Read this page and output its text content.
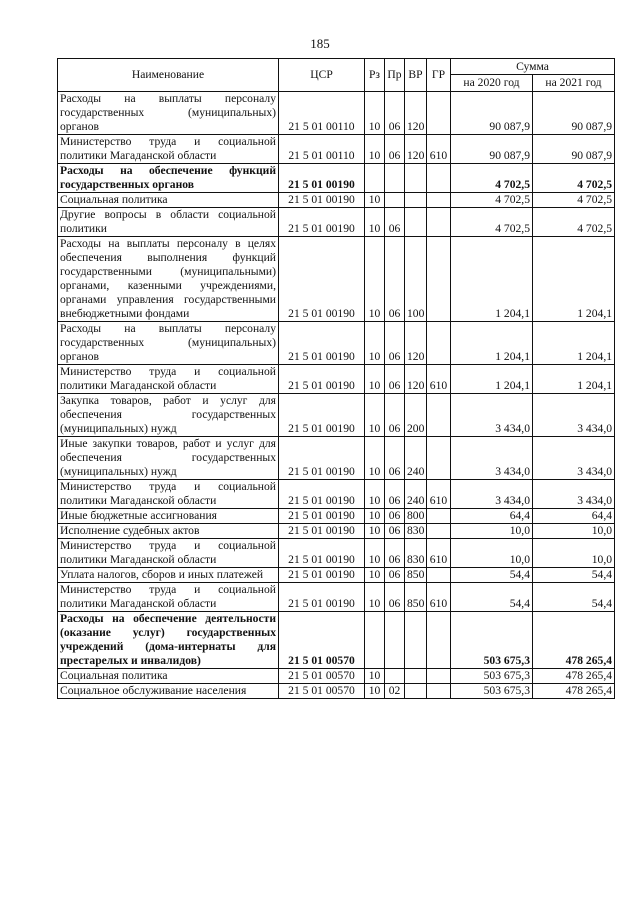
185
Наименование	ЦСР	Рз	Пр	ВР	ГР	Сумма	
						на 2020 год	на 2021 год
Расходы на выплаты персоналу государственных (муниципальных) органов	21 5 01 00110	10	06	120		90 087,9	90 087,9
Министерство труда и социальной политики Магаданской области	21 5 01 00110	10	06	120	610	90 087,9	90 087,9
Расходы на обеспечение функций государственных органов	21 5 01 00190					4 702,5	4 702,5
Социальная политика	21 5 01 00190	10				4 702,5	4 702,5
Другие вопросы в области социальной политики	21 5 01 00190	10	06			4 702,5	4 702,5
Расходы на выплаты персоналу в целях обеспечения выполнения функций государственными (муниципальными) органами, казенными учреждениями, органами управления государственными внебюджетными фондами	21 5 01 00190	10	06	100		1 204,1	1 204,1
Расходы на выплаты персоналу государственных (муниципальных) органов	21 5 01 00190	10	06	120		1 204,1	1 204,1
Министерство труда и социальной политики Магаданской области	21 5 01 00190	10	06	120	610	1 204,1	1 204,1
Закупка товаров, работ и услуг для обеспечения государственных (муниципальных) нужд	21 5 01 00190	10	06	200		3 434,0	3 434,0
Иные закупки товаров, работ и услуг для обеспечения государственных (муниципальных) нужд	21 5 01 00190	10	06	240		3 434,0	3 434,0
Министерство труда и социальной политики Магаданской области	21 5 01 00190	10	06	240	610	3 434,0	3 434,0
Иные бюджетные ассигнования	21 5 01 00190	10	06	800		64,4	64,4
Исполнение судебных актов	21 5 01 00190	10	06	830		10,0	10,0
Министерство труда и социальной политики Магаданской области	21 5 01 00190	10	06	830	610	10,0	10,0
Уплата налогов, сборов и иных платежей	21 5 01 00190	10	06	850		54,4	54,4
Министерство труда и социальной политики Магаданской области	21 5 01 00190	10	06	850	610	54,4	54,4
Расходы на обеспечение деятельности (оказание услуг) государственных учреждений (дома-интернаты для престарелых и инвалидов)	21 5 01 00570					503 675,3	478 265,4
Социальная политика	21 5 01 00570	10				503 675,3	478 265,4
Социальное обслуживание населения	21 5 01 00570	10	02			503 675,3	478 265,4
